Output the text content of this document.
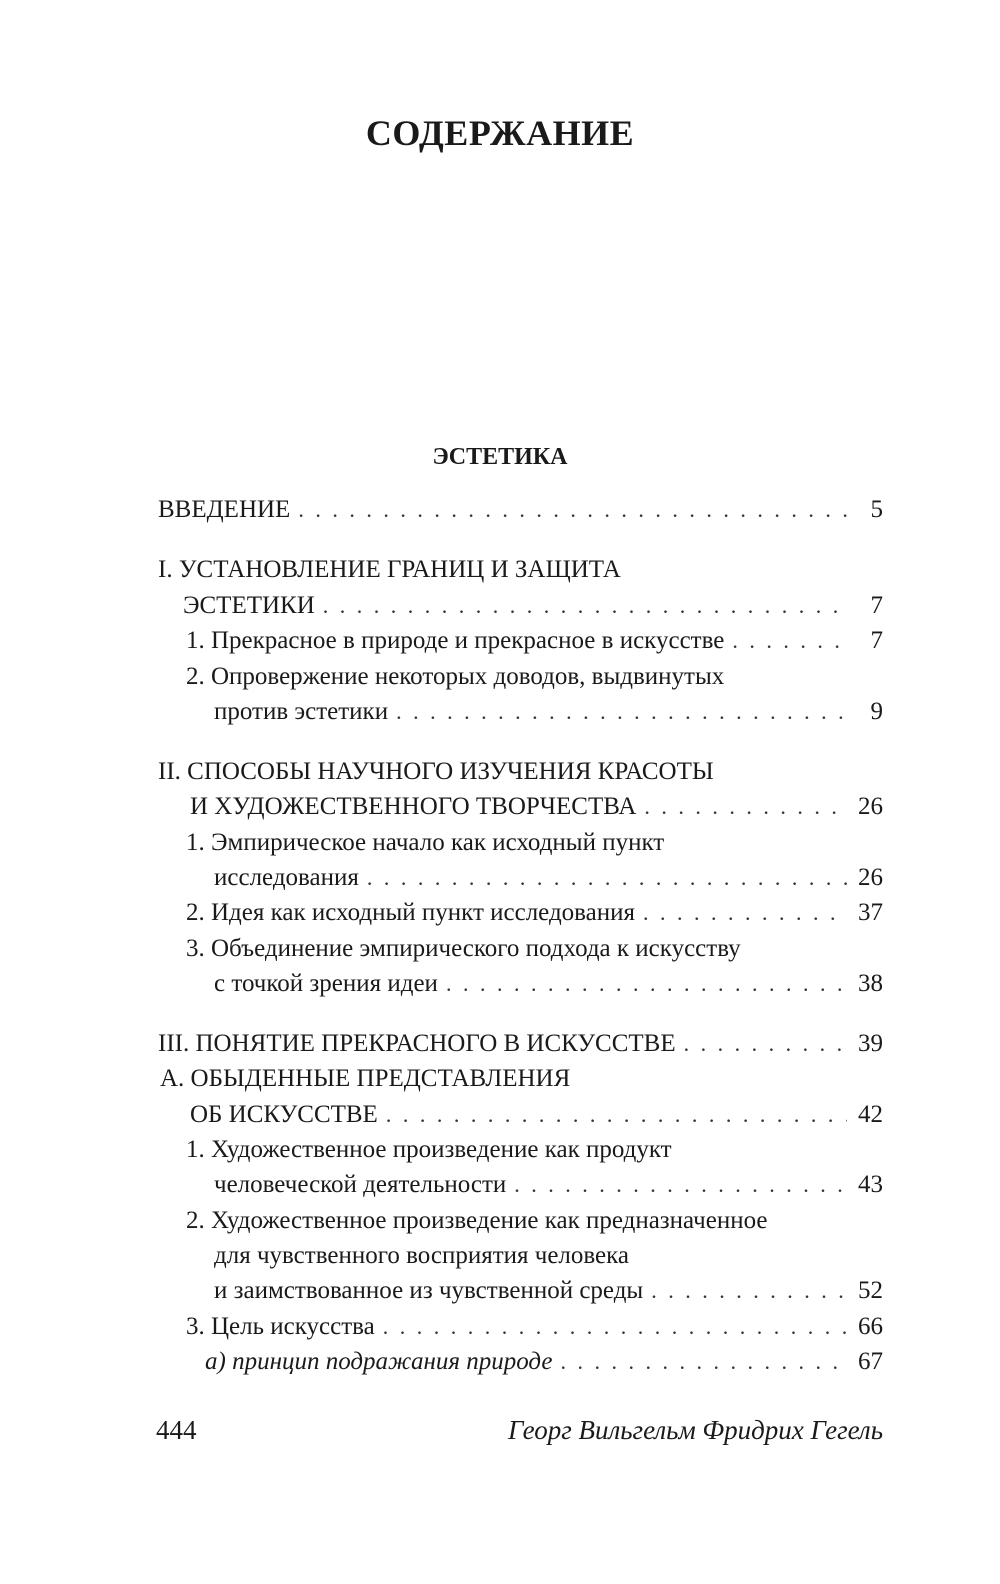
СОДЕРЖАНИЕ
ЭСТЕТИКА
ВВЕДЕНИЕ . . .	5
I. УСТАНОВЛЕНИЕ ГРАНИЦ И ЗАЩИТА
ЭСТЕТИКИ . . .	7
1. Прекрасное в природе и прекрасное в искусстве . . .	7
2. Опровержение некоторых доводов, выдвинутых
против эстетики . . .	9
II. СПОСОБЫ НАУЧНОГО ИЗУЧЕНИЯ КРАСОТЫ
И ХУДОЖЕСТВЕННОГО ТВОРЧЕСТВА . . .	26
1. Эмпирическое начало как исходный пункт
исследования . . .	26
2. Идея как исходный пункт исследования . . .	37
3. Объединение эмпирического подхода к искусству
с точкой зрения идеи . . .	38
III. ПОНЯТИЕ ПРЕКРАСНОГО В ИСКУССТВЕ . . .	39
А. ОБЫДЕННЫЕ ПРЕДСТАВЛЕНИЯ
ОБ ИСКУССТВЕ . . .	42
1. Художественное произведение как продукт
человеческой деятельности . . .	43
2. Художественное произведение как предназначенное
для чувственного восприятия человека
и заимствованное из чувственной среды . . .	52
3. Цель искусства . . .	66
а) принцип подражания природе . . .	67
444	Георг Вильгельм Фридрих Гегель
